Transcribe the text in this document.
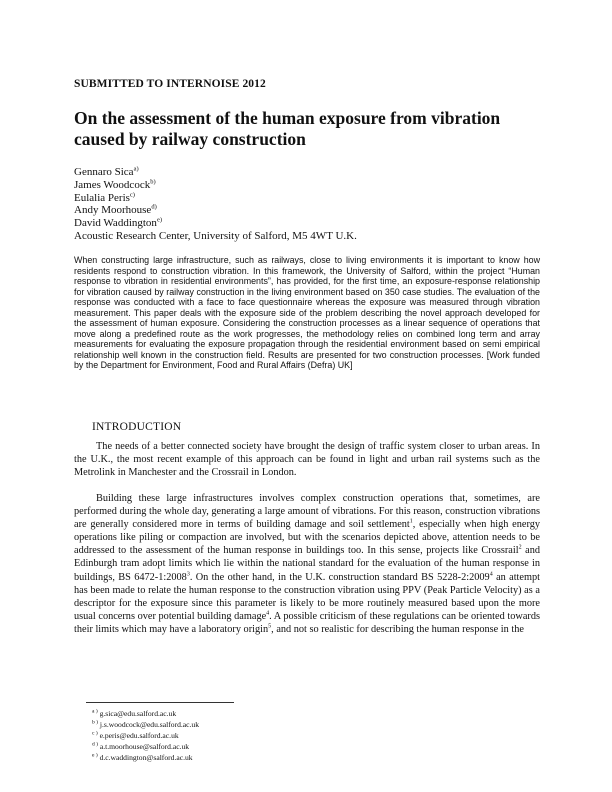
SUBMITTED TO INTERNOISE 2012
On the assessment of the human exposure from vibration caused by railway construction
Gennaro Sica$^{a)}$
James Woodcock$^{b)}$
Eulalia Peris$^{c)}$
Andy Moorhouse$^{d)}$
David Waddington$^{e)}$
Acoustic Research Center, University of Salford, M5 4WT U.K.

When constructing large infrastructure, such as railways, close to living environments it is important to know how residents respond to construction vibration. In this framework, the University of Salford, within the project “Human response to vibration in residential environments”, has provided, for the first time, an exposure-response relationship for vibration caused by railway construction in the living environment based on 350 case studies. The evaluation of the response was conducted with a face to face questionnaire whereas the exposure was measured through vibration measurement. This paper deals with the exposure side of the problem describing the novel approach developed for the assessment of human exposure. Considering the construction processes as a linear sequence of operations that move along a predefined route as the work progresses, the methodology relies on combined long term and array measurements for evaluating the exposure propagation through the residential environment based on semi empirical relationship well known in the construction field. Results are presented for two construction processes. [Work funded by the Department for Environment, Food and Rural Affairs (Defra) UK]

INTRODUCTION

The needs of a better connected society have brought the design of traffic system closer to urban areas. In the U.K., the most recent example of this approach can be found in light and urban rail systems such as the Metrolink in Manchester and the Crossrail in London.

Building these large infrastructures involves complex construction operations that, sometimes, are performed during the whole day, generating a large amount of vibrations. For this reason, construction vibrations are generally considered more in terms of building damage and soil settlement$^1$, especially when high energy operations like piling or compaction are involved, but with the scenarios depicted above, attention needs to be addressed to the assessment of the human response in buildings too. In this sense, projects like Crossrail$^2$ and Edinburgh tram adopt limits which lie within the national standard for the evaluation of the human response in buildings, BS 6472-1:2008$^3$. On the other hand, in the U.K. construction standard BS 5228-2:2009$^4$ an attempt has been made to relate the human response to the construction vibration using PPV (Peak Particle Velocity) as a descriptor for the exposure since this parameter is likely to be more routinely measured based upon the more usual concerns over potential building damage$^4$. A possible criticism of these regulations can be oriented towards their limits which may have a laboratory origin$^5$, and not so realistic for describing the human response in the

$^{a )}$ g.sica@edu.salford.ac.uk
$^{b )}$ j.s.woodcock@edu.salford.ac.uk
$^{c )}$ e.peris@edu.salford.ac.uk
$^{d )}$ a.t.moorhouse@salford.ac.uk
$^{e )}$ d.c.waddington@salford.ac.uk
